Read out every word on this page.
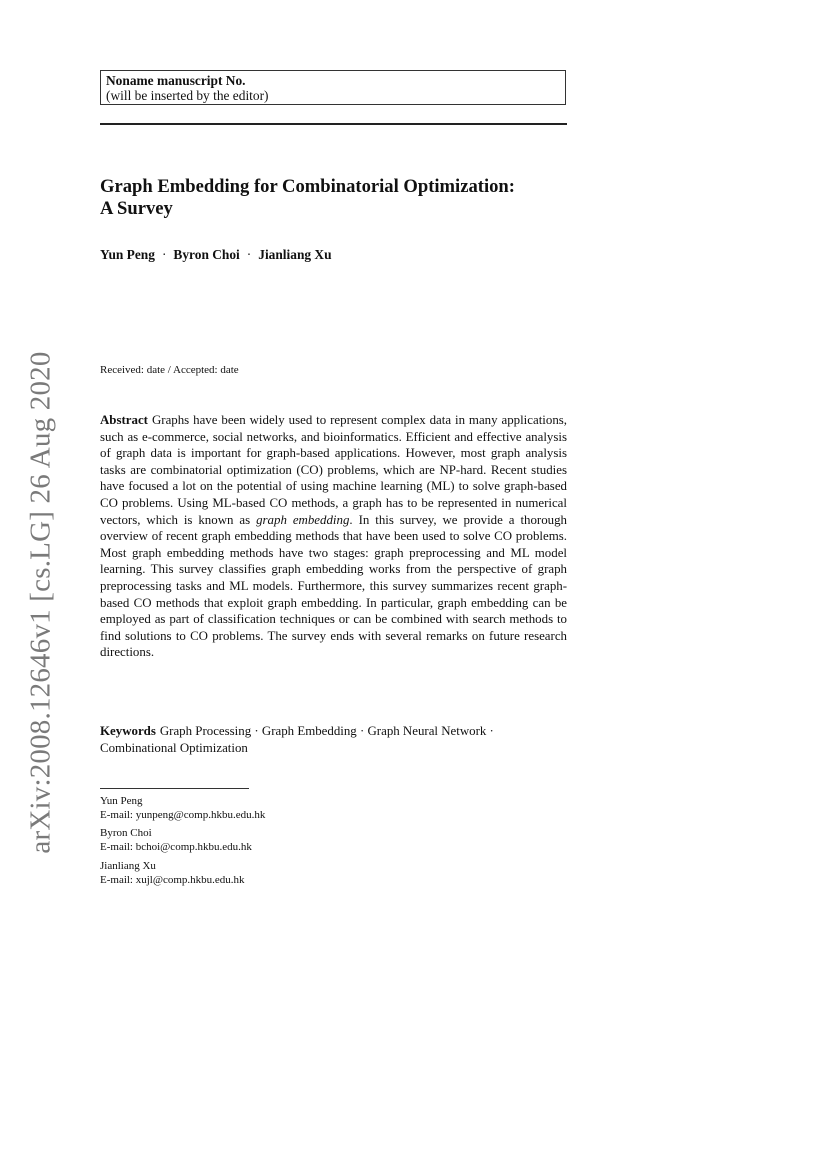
arXiv:2008.12646v1 [cs.LG] 26 Aug 2020
Noname manuscript No.
(will be inserted by the editor)
Graph Embedding for Combinatorial Optimization:
A Survey
Yun Peng · Byron Choi · Jianliang Xu
Received: date / Accepted: date

Abstract Graphs have been widely used to represent complex data in many applications, such as e-commerce, social networks, and bioinformatics. Efficient and effective analysis of graph data is important for graph-based applications. However, most graph analysis tasks are combinatorial optimization (CO) problems, which are NP-hard. Recent studies have focused a lot on the potential of using machine learning (ML) to solve graph-based CO problems. Using ML-based CO methods, a graph has to be represented in numerical vectors, which is known as graph embedding. In this survey, we provide a thorough overview of recent graph embedding methods that have been used to solve CO problems. Most graph embedding methods have two stages: graph preprocessing and ML model learning. This survey classifies graph embedding works from the perspective of graph preprocessing tasks and ML models. Furthermore, this survey summarizes recent graph-based CO methods that exploit graph embedding. In particular, graph embedding can be employed as part of classification techniques or can be combined with search methods to find solutions to CO problems. The survey ends with several remarks on future research directions.

Keywords Graph Processing · Graph Embedding · Graph Neural Network · Combinational Optimization

Yun Peng
E-mail: yunpeng@comp.hkbu.edu.hk
Byron Choi
E-mail: bchoi@comp.hkbu.edu.hk
Jianliang Xu
E-mail: xujl@comp.hkbu.edu.hk
